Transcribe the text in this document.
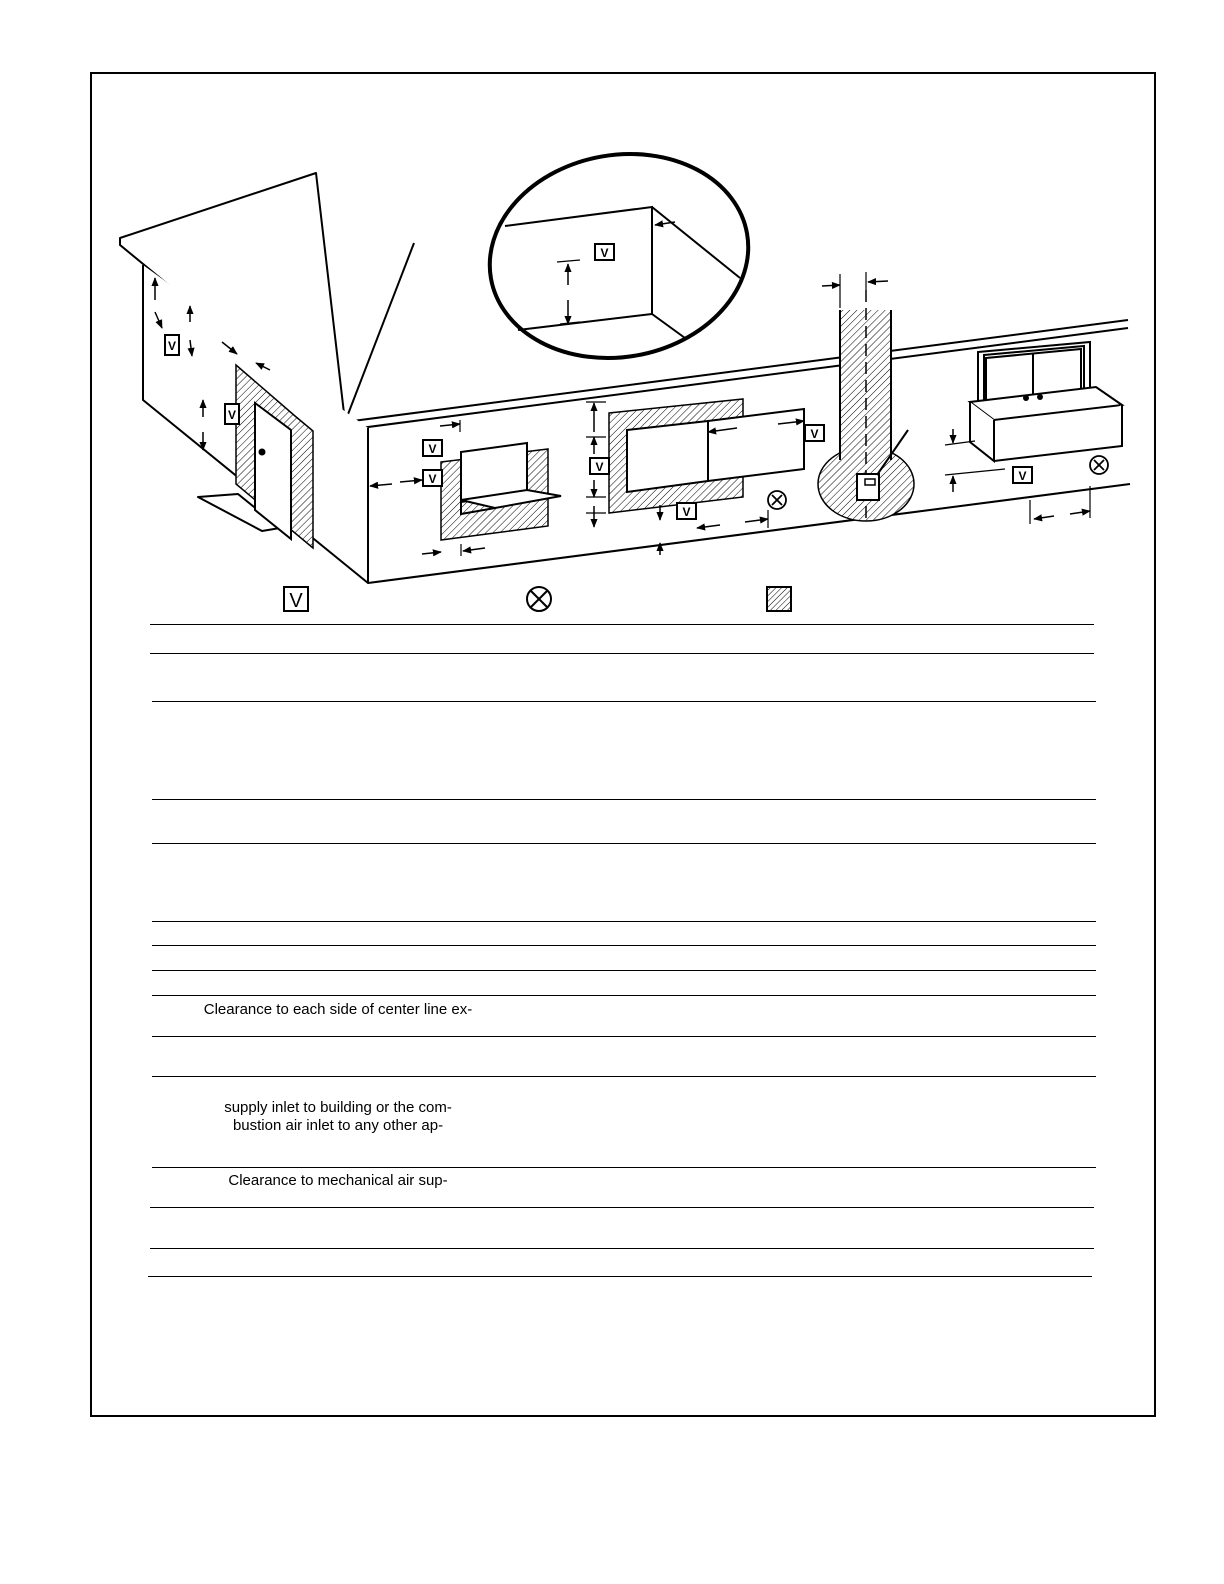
V
V
V
V
V
V
V
V
V
V
Clearance to each side of center line ex-
supply inlet to building or the com-
bustion air inlet to any other ap-
Clearance to mechanical air sup-
